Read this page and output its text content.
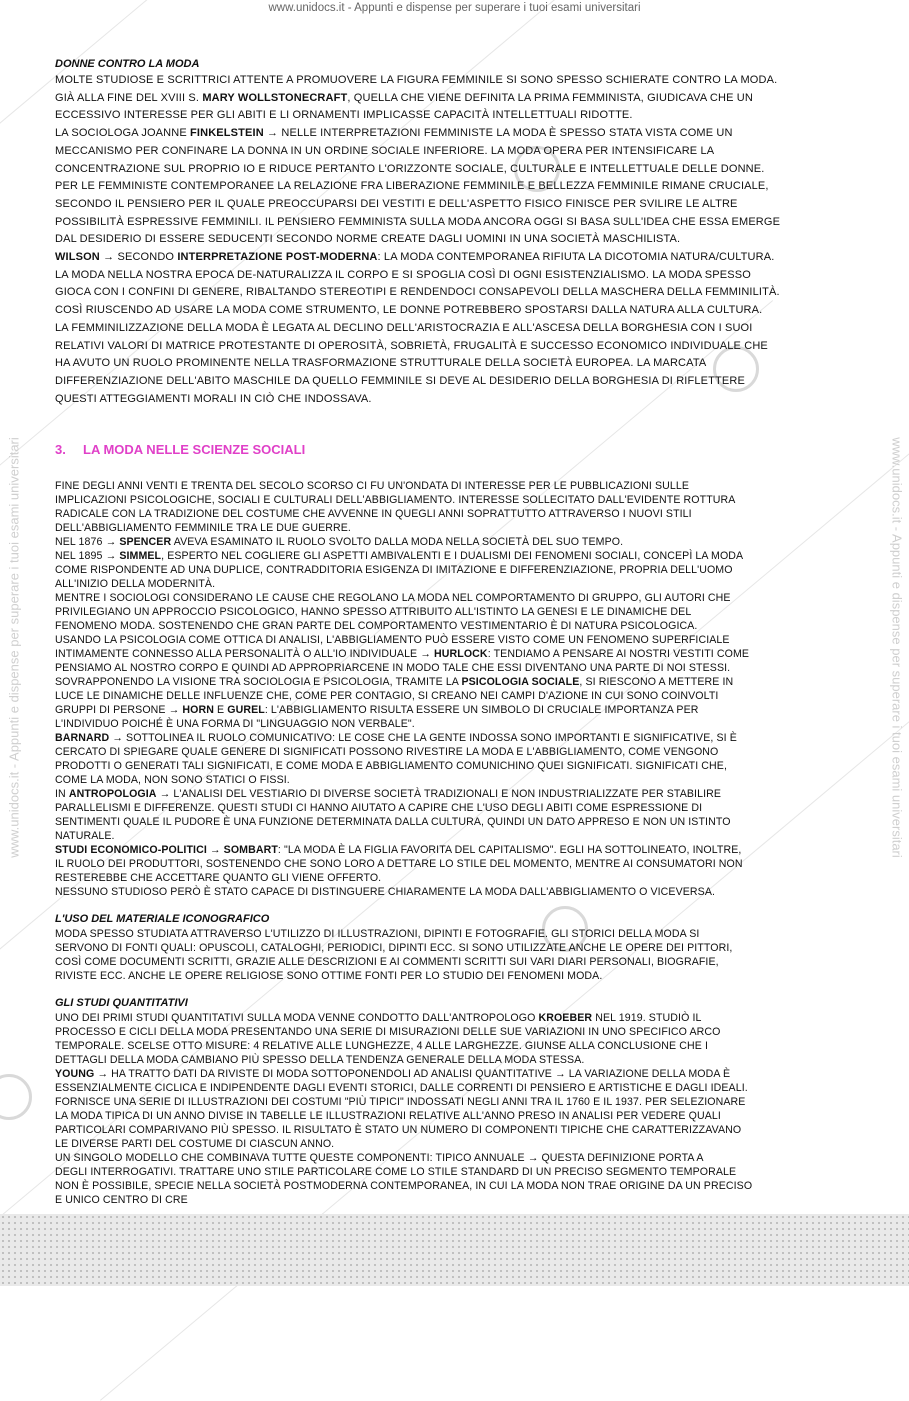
www.unidocs.it - Appunti e dispense per superare i tuoi esami universitari
www.unidocs.it - Appunti e dispense per superare i tuoi esami universitari	www.unidocs.it - Appunti e dispense per superare i tuoi esami universitari
DONNE CONTRO LA MODA
MOLTE STUDIOSE E SCRITTRICI ATTENTE A PROMUOVERE LA FIGURA FEMMINILE SI SONO SPESSO SCHIERATE CONTRO LA MODA.
GIÀ ALLA FINE DEL XVIII S. MARY WOLLSTONECRAFT, QUELLA CHE VIENE DEFINITA LA PRIMA FEMMINISTA, GIUDICAVA CHE UN
ECCESSIVO INTERESSE PER GLI ABITI E LI ORNAMENTI IMPLICASSE CAPACITÀ INTELLETTUALI RIDOTTE.
LA SOCIOLOGA JOANNE FINKELSTEIN → NELLE INTERPRETAZIONI FEMMINISTE LA MODA È SPESSO STATA VISTA COME UN
MECCANISMO PER CONFINARE LA DONNA IN UN ORDINE SOCIALE INFERIORE. LA MODA OPERA PER INTENSIFICARE LA
CONCENTRAZIONE SUL PROPRIO IO E RIDUCE PERTANTO L'ORIZZONTE SOCIALE, CULTURALE E INTELLETTUALE DELLE DONNE.
PER LE FEMMINISTE CONTEMPORANEE LA RELAZIONE FRA LIBERAZIONE FEMMINILE E BELLEZZA FEMMINILE RIMANE CRUCIALE,
SECONDO IL PENSIERO PER IL QUALE PREOCCUPARSI DEI VESTITI E DELL'ASPETTO FISICO FINISCE PER SVILIRE LE ALTRE
POSSIBILITÀ ESPRESSIVE FEMMINILI. IL PENSIERO FEMMINISTA SULLA MODA ANCORA OGGI SI BASA SULL'IDEA CHE ESSA EMERGE
DAL DESIDERIO DI ESSERE SEDUCENTI SECONDO NORME CREATE DAGLI UOMINI IN UNA SOCIETÀ MASCHILISTA.
WILSON → SECONDO INTERPRETAZIONE POST-MODERNA: LA MODA CONTEMPORANEA RIFIUTA LA DICOTOMIA NATURA/CULTURA.
LA MODA NELLA NOSTRA EPOCA DE-NATURALIZZA IL CORPO E SI SPOGLIA COSÌ DI OGNI ESISTENZIALISMO. LA MODA SPESSO
GIOCA CON I CONFINI DI GENERE, RIBALTANDO STEREOTIPI E RENDENDOCI CONSAPEVOLI DELLA MASCHERA DELLA FEMMINILITÀ.
COSÌ RIUSCENDO AD USARE LA MODA COME STRUMENTO, LE DONNE POTREBBERO SPOSTARSI DALLA NATURA ALLA CULTURA.
LA FEMMINILIZZAZIONE DELLA MODA È LEGATA AL DECLINO DELL'ARISTOCRAZIA E ALL'ASCESA DELLA BORGHESIA CON I SUOI
RELATIVI VALORI DI MATRICE PROTESTANTE DI OPEROSITÀ, SOBRIETÀ, FRUGALITÀ E SUCCESSO ECONOMICO INDIVIDUALE CHE
HA AVUTO UN RUOLO PROMINENTE NELLA TRASFORMAZIONE STRUTTURALE DELLA SOCIETÀ EUROPEA. LA MARCATA
DIFFERENZIAZIONE DELL'ABITO MASCHILE DA QUELLO FEMMINILE SI DEVE AL DESIDERIO DELLA BORGHESIA DI RIFLETTERE
QUESTI ATTEGGIAMENTI MORALI IN CIÒ CHE INDOSSAVA.
3. LA MODA NELLE SCIENZE SOCIALI
FINE DEGLI ANNI VENTI E TRENTA DEL SECOLO SCORSO CI FU UN'ONDATA DI INTERESSE PER LE PUBBLICAZIONI SULLE
IMPLICAZIONI PSICOLOGICHE, SOCIALI E CULTURALI DELL'ABBIGLIAMENTO. INTERESSE SOLLECITATO DALL'EVIDENTE ROTTURA
RADICALE CON LA TRADIZIONE DEL COSTUME CHE AVVENNE IN QUEGLI ANNI SOPRATTUTTO ATTRAVERSO I NUOVI STILI
DELL'ABBIGLIAMENTO FEMMINILE TRA LE DUE GUERRE.
NEL 1876 → SPENCER AVEVA ESAMINATO IL RUOLO SVOLTO DALLA MODA NELLA SOCIETÀ DEL SUO TEMPO.
NEL 1895 → SIMMEL, ESPERTO NEL COGLIERE GLI ASPETTI AMBIVALENTI E I DUALISMI DEI FENOMENI SOCIALI, CONCEPÌ LA MODA
COME RISPONDENTE AD UNA DUPLICE, CONTRADDITORIA ESIGENZA DI IMITAZIONE E DIFFERENZIAZIONE, PROPRIA DELL'UOMO
ALL'INIZIO DELLA MODERNITÀ.
MENTRE I SOCIOLOGI CONSIDERANO LE CAUSE CHE REGOLANO LA MODA NEL COMPORTAMENTO DI GRUPPO, GLI AUTORI CHE
PRIVILEGIANO UN APPROCCIO PSICOLOGICO, HANNO SPESSO ATTRIBUITO ALL'ISTINTO LA GENESI E LE DINAMICHE DEL
FENOMENO MODA. SOSTENENDO CHE GRAN PARTE DEL COMPORTAMENTO VESTIMENTARIO È DI NATURA PSICOLOGICA.
USANDO LA PSICOLOGIA COME OTTICA DI ANALISI, L'ABBIGLIAMENTO PUÒ ESSERE VISTO COME UN FENOMENO SUPERFICIALE
INTIMAMENTE CONNESSO ALLA PERSONALITÀ O ALL'IO INDIVIDUALE → HURLOCK: TENDIAMO A PENSARE AI NOSTRI VESTITI COME
PENSIAMO AL NOSTRO CORPO E QUINDI AD APPROPRIARCENE IN MODO TALE CHE ESSI DIVENTANO UNA PARTE DI NOI STESSI.
SOVRAPPONENDO LA VISIONE TRA SOCIOLOGIA E PSICOLOGIA, TRAMITE LA PSICOLOGIA SOCIALE, SI RIESCONO A METTERE IN
LUCE LE DINAMICHE DELLE INFLUENZE CHE, COME PER CONTAGIO, SI CREANO NEI CAMPI D'AZIONE IN CUI SONO COINVOLTI
GRUPPI DI PERSONE → HORN E GUREL: L'ABBIGLIAMENTO RISULTA ESSERE UN SIMBOLO DI CRUCIALE IMPORTANZA PER
L'INDIVIDUO POICHÉ È UNA FORMA DI "LINGUAGGIO NON VERBALE".
BARNARD → SOTTOLINEA IL RUOLO COMUNICATIVO: LE COSE CHE LA GENTE INDOSSA SONO IMPORTANTI E SIGNIFICATIVE, SI È
CERCATO DI SPIEGARE QUALE GENERE DI SIGNIFICATI POSSONO RIVESTIRE LA MODA E L'ABBIGLIAMENTO, COME VENGONO
PRODOTTI O GENERATI TALI SIGNIFICATI, E COME MODA E ABBIGLIAMENTO COMUNICHINO QUEI SIGNIFICATI. SIGNIFICATI CHE,
COME LA MODA, NON SONO STATICI O FISSI.
IN ANTROPOLOGIA → L'ANALISI DEL VESTIARIO DI DIVERSE SOCIETÀ TRADIZIONALI E NON INDUSTRIALIZZATE PER STABILIRE
PARALLELISMI E DIFFERENZE. QUESTI STUDI CI HANNO AIUTATO A CAPIRE CHE L'USO DEGLI ABITI COME ESPRESSIONE DI
SENTIMENTI QUALE IL PUDORE È UNA FUNZIONE DETERMINATA DALLA CULTURA, QUINDI UN DATO APPRESO E NON UN ISTINTO
NATURALE.
STUDI ECONOMICO-POLITICI → SOMBART: "LA MODA È LA FIGLIA FAVORITA DEL CAPITALISMO". EGLI HA SOTTOLINEATO, INOLTRE,
IL RUOLO DEI PRODUTTORI, SOSTENENDO CHE SONO LORO A DETTARE LO STILE DEL MOMENTO, MENTRE AI CONSUMATORI NON
RESTEREBBE CHE ACCETTARE QUANTO GLI VIENE OFFERTO.
NESSUNO STUDIOSO PERÒ È STATO CAPACE DI DISTINGUERE CHIARAMENTE LA MODA DALL'ABBIGLIAMENTO O VICEVERSA.
L'USO DEL MATERIALE ICONOGRAFICO
MODA SPESSO STUDIATA ATTRAVERSO L'UTILIZZO DI ILLUSTRAZIONI, DIPINTI E FOTOGRAFIE. GLI STORICI DELLA MODA SI
SERVONO DI FONTI QUALI: OPUSCOLI, CATALOGHI, PERIODICI, DIPINTI ECC. SI SONO UTILIZZATE ANCHE LE OPERE DEI PITTORI,
COSÌ COME DOCUMENTI SCRITTI, GRAZIE ALLE DESCRIZIONI E AI COMMENTI SCRITTI SUI VARI DIARI PERSONALI, BIOGRAFIE,
RIVISTE ECC. ANCHE LE OPERE RELIGIOSE SONO OTTIME FONTI PER LO STUDIO DEI FENOMENI MODA.
GLI STUDI QUANTITATIVI
UNO DEI PRIMI STUDI QUANTITATIVI SULLA MODA VENNE CONDOTTO DALL'ANTROPOLOGO KROEBER NEL 1919. STUDIÒ IL
PROCESSO E CICLI DELLA MODA PRESENTANDO UNA SERIE DI MISURAZIONI DELLE SUE VARIAZIONI IN UNO SPECIFICO ARCO
TEMPORALE. SCELSE OTTO MISURE: 4 RELATIVE ALLE LUNGHEZZE, 4 ALLE LARGHEZZE. GIUNSE ALLA CONCLUSIONE CHE I
DETTAGLI DELLA MODA CAMBIANO PIÙ SPESSO DELLA TENDENZA GENERALE DELLA MODA STESSA.
YOUNG → HA TRATTO DATI DA RIVISTE DI MODA SOTTOPONENDOLI AD ANALISI QUANTITATIVE → LA VARIAZIONE DELLA MODA È
ESSENZIALMENTE CICLICA E INDIPENDENTE DAGLI EVENTI STORICI, DALLE CORRENTI DI PENSIERO E ARTISTICHE E DAGLI IDEALI.
FORNISCE UNA SERIE DI ILLUSTRAZIONI DEI COSTUMI "PIÙ TIPICI" INDOSSATI NEGLI ANNI TRA IL 1760 E IL 1937. PER SELEZIONARE
LA MODA TIPICA DI UN ANNO DIVISE IN TABELLE LE ILLUSTRAZIONI RELATIVE ALL'ANNO PRESO IN ANALISI PER VEDERE QUALI
PARTICOLARI COMPARIVANO PIÙ SPESSO. IL RISULTATO È STATO UN NUMERO DI COMPONENTI TIPICHE CHE CARATTERIZZAVANO
LE DIVERSE PARTI DEL COSTUME DI CIASCUN ANNO.
UN SINGOLO MODELLO CHE COMBINAVA TUTTE QUESTE COMPONENTI: TIPICO ANNUALE → QUESTA DEFINIZIONE PORTA A
DEGLI INTERROGATIVI. TRATTARE UNO STILE PARTICOLARE COME LO STILE STANDARD DI UN PRECISO SEGMENTO TEMPORALE
NON È POSSIBILE, SPECIE NELLA SOCIETÀ POSTMODERNA CONTEMPORANEA, IN CUI LA MODA NON TRAE ORIGINE DA UN PRECISO
E UNICO CENTRO DI CRE
